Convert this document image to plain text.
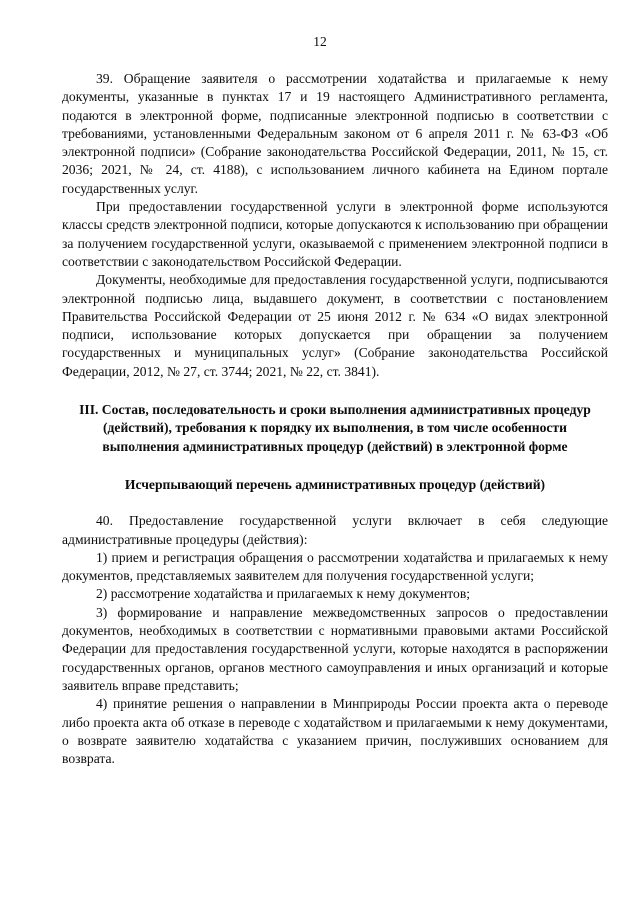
12

39. Обращение заявителя о рассмотрении ходатайства и прилагаемые к нему документы, указанные в пунктах 17 и 19 настоящего Административного регламента, подаются в электронной форме, подписанные электронной подписью в соответствии с требованиями, установленными Федеральным законом от 6 апреля 2011 г. № 63-ФЗ «Об электронной подписи» (Собрание законодательства Российской Федерации, 2011, № 15, ст. 2036; 2021, № 24, ст. 4188), с использованием личного кабинета на Едином портале государственных услуг.

При предоставлении государственной услуги в электронной форме используются классы средств электронной подписи, которые допускаются к использованию при обращении за получением государственной услуги, оказываемой с применением электронной подписи в соответствии с законодательством Российской Федерации.

Документы, необходимые для предоставления государственной услуги, подписываются электронной подписью лица, выдавшего документ, в соответствии с постановлением Правительства Российской Федерации от 25 июня 2012 г. № 634 «О видах электронной подписи, использование которых допускается при обращении за получением государственных и муниципальных услуг» (Собрание законодательства Российской Федерации, 2012, № 27, ст. 3744; 2021, № 22, ст. 3841).

III. Состав, последовательность и сроки выполнения административных процедур (действий), требования к порядку их выполнения, в том числе особенности выполнения административных процедур (действий) в электронной форме

Исчерпывающий перечень административных процедур (действий)

40. Предоставление государственной услуги включает в себя следующие административные процедуры (действия):

1) прием и регистрация обращения о рассмотрении ходатайства и прилагаемых к нему документов, представляемых заявителем для получения государственной услуги;

2) рассмотрение ходатайства и прилагаемых к нему документов;

3) формирование и направление межведомственных запросов о предоставлении документов, необходимых в соответствии с нормативными правовыми актами Российской Федерации для предоставления государственной услуги, которые находятся в распоряжении государственных органов, органов местного самоуправления и иных организаций и которые заявитель вправе представить;

4) принятие решения о направлении в Минприроды России проекта акта о переводе либо проекта акта об отказе в переводе с ходатайством и прилагаемыми к нему документами, о возврате заявителю ходатайства с указанием причин, послуживших основанием для возврата.
